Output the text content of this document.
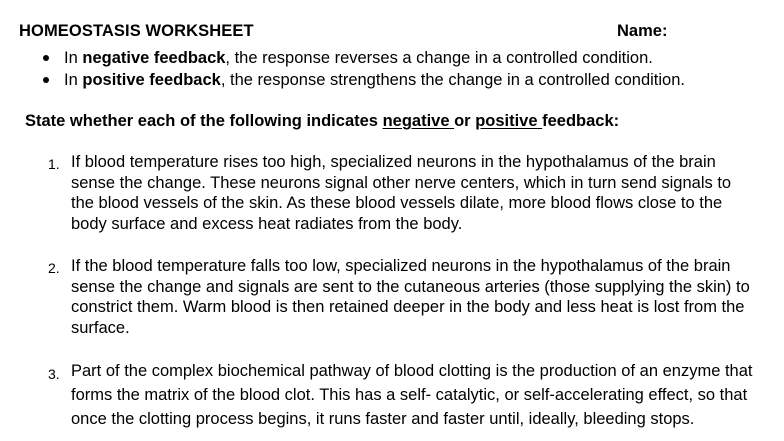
HOMEOSTASIS WORKSHEET	Name:
In negative feedback, the response reverses a change in a controlled condition.
In positive feedback, the response strengthens the change in a controlled condition.
State whether each of the following indicates negative or positive feedback:
1. If blood temperature rises too high, specialized neurons in the hypothalamus of the brain sense the change. These neurons signal other nerve centers, which in turn send signals to the blood vessels of the skin. As these blood vessels dilate, more blood flows close to the body surface and excess heat radiates from the body.
2. If the blood temperature falls too low, specialized neurons in the hypothalamus of the brain sense the change and signals are sent to the cutaneous arteries (those supplying the skin) to constrict them. Warm blood is then retained deeper in the body and less heat is lost from the surface.
3. Part of the complex biochemical pathway of blood clotting is the production of an enzyme that forms the matrix of the blood clot. This has a self- catalytic, or self-accelerating effect, so that once the clotting process begins, it runs faster and faster until, ideally, bleeding stops.
